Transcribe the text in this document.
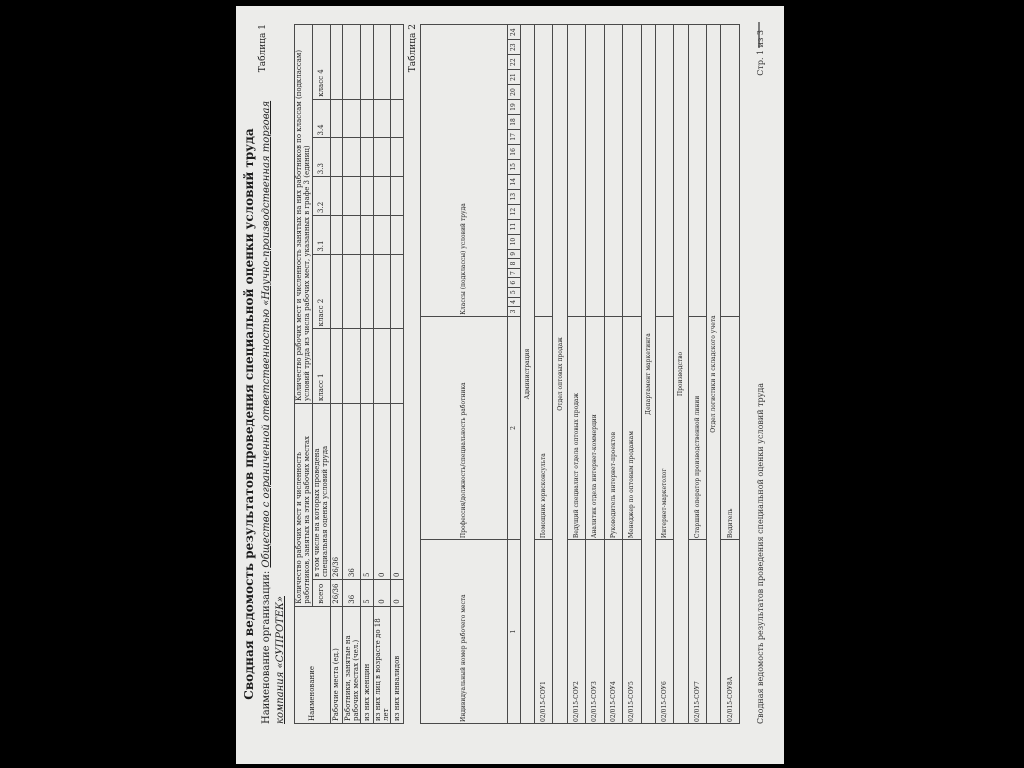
Сводная ведомость результатов проведения специальной оценки условий труда
Таблица 1
Наименование организации: Общество с ограниченной ответственностью «Научно-производственная торговая компания «СУПРОТЕК»	Наименование	Количество рабочих мест и численность работников, занятых на этих рабочих местах		Количество рабочих мест и численность занятых на них работников по классам (подклассам) условий труда из числа рабочих мест, указанных в графе 3 (единиц)						
	всего	в том числе на которых проведена специальная оценка условий труда	класс 1	класс 2	3.1	3.2	3.3	3.4	класс 4
Рабочие места (ед.)	26/36	26/36							
Работники, занятые на рабочих местах (чел.)	36	36							
из них женщин	5	5							
из них лиц в возрасте до 18 лет	0	0							
из них инвалидов	0	0							
Таблица 2
Индивидуальный номер рабочего места	Профессия/должность/специальность работника	Классы (подклассы) условий труда																					
1	2	3	4	5	6	7	8	9	10	11	12	13	14	15	16	17	18	19	20	21	22	23	24
Администрация																							
02/015-СОУ1	Помощник юрисконсульта																						
Отдел оптовых продаж																							
02/015-СОУ2	Ведущий специалист отдела оптовых продаж																						
02/015-СОУ3	Аналитик отдела интернет-коммерции																						
02/015-СОУ4	Руководитель интернет-проектов																						
02/015-СОУ5	Менеджер по оптовым продажам																						
Департамент маркетинга																							
02/015-СОУ6	Интернет-маркетолог																						
Производство																							
02/015-СОУ7	Старший оператор производственной линии																						
Отдел логистики и складского учета																							
02/015-СОУ8А	Водитель																							Сводная ведомость результатов проведения специальной оценки условий труда
Стр. 1 из 3
